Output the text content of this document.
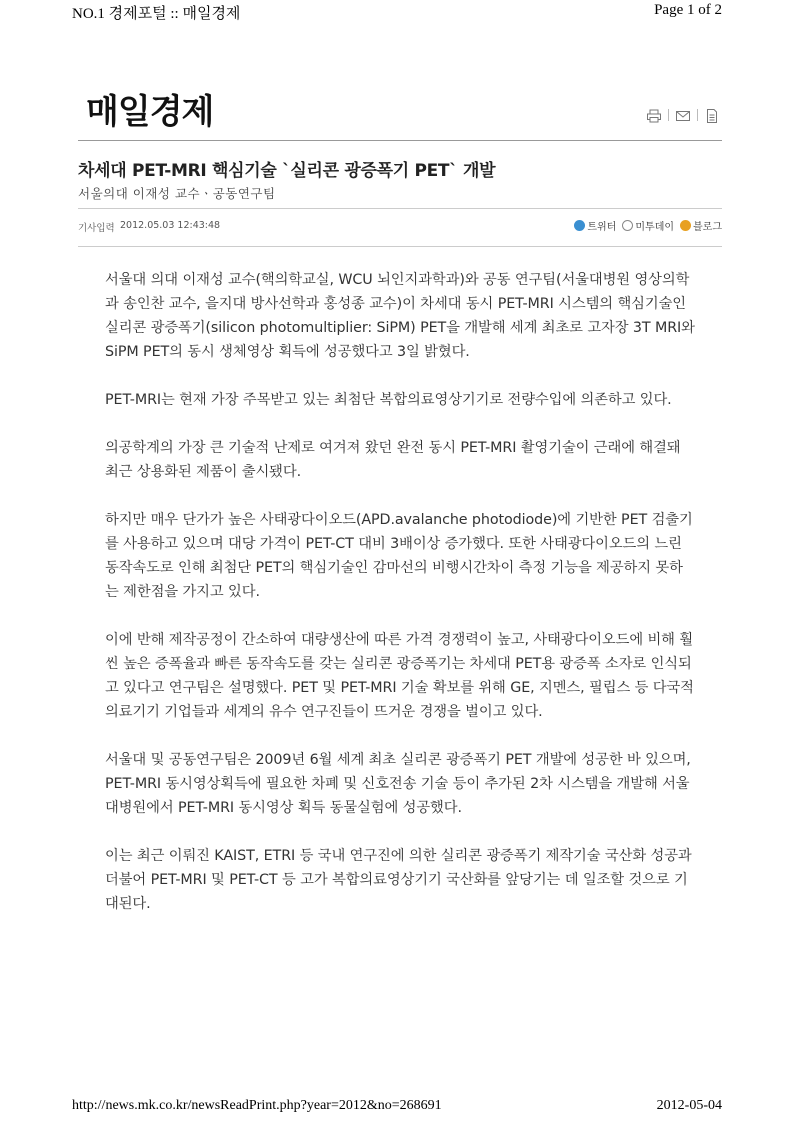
NO.1 경제포털 :: 매일경제	Page 1 of 2
매일경제
차세대 PET-MRI 핵심기술 `실리콘 광증폭기 PET` 개발
서울의대 이재성 교수ㆍ공동연구팀
기사입력 2012.05.03 12:43:48	트위터 미투데이 블로그

서울대 의대 이재성 교수(핵의학교실, WCU 뇌인지과학과)와 공동 연구팀(서울대병원 영상의학과 송인찬 교수, 을지대 방사선학과 홍성종 교수)이 차세대 동시 PET-MRI 시스템의 핵심기술인 실리콘 광증폭기(silicon photomultiplier: SiPM) PET을 개발해 세계 최초로 고자장 3T MRI와 SiPM PET의 동시 생체영상 획득에 성공했다고 3일 밝혔다.

PET-MRI는 현재 가장 주목받고 있는 최첨단 복합의료영상기기로 전량수입에 의존하고 있다.

의공학계의 가장 큰 기술적 난제로 여겨져 왔던 완전 동시 PET-MRI 촬영기술이 근래에 해결돼 최근 상용화된 제품이 출시됐다.

하지만 매우 단가가 높은 사태광다이오드(APD.avalanche photodiode)에 기반한 PET 검출기를 사용하고 있으며 대당 가격이 PET-CT 대비 3배이상 증가했다. 또한 사태광다이오드의 느린 동작속도로 인해 최첨단 PET의 핵심기술인 감마선의 비행시간차이 측정 기능을 제공하지 못하는 제한점을 가지고 있다.

이에 반해 제작공정이 간소하여 대량생산에 따른 가격 경쟁력이 높고, 사태광다이오드에 비해 훨씬 높은 증폭율과 빠른 동작속도를 갖는 실리콘 광증폭기는 차세대 PET용 광증폭 소자로 인식되고 있다고 연구팀은 설명했다. PET 및 PET-MRI 기술 확보를 위해 GE, 지멘스, 필립스 등 다국적 의료기기 기업들과 세계의 유수 연구진들이 뜨거운 경쟁을 벌이고 있다.

서울대 및 공동연구팀은 2009년 6월 세계 최초 실리콘 광증폭기 PET 개발에 성공한 바 있으며, PET-MRI 동시영상획득에 필요한 차폐 및 신호전송 기술 등이 추가된 2차 시스템을 개발해 서울대병원에서 PET-MRI 동시영상 획득 동물실험에 성공했다.

이는 최근 이뤄진 KAIST, ETRI 등 국내 연구진에 의한 실리콘 광증폭기 제작기술 국산화 성공과 더불어 PET-MRI 및 PET-CT 등 고가 복합의료영상기기 국산화를 앞당기는 데 일조할 것으로 기대된다.

http://news.mk.co.kr/newsReadPrint.php?year=2012&no=268691	2012-05-04
